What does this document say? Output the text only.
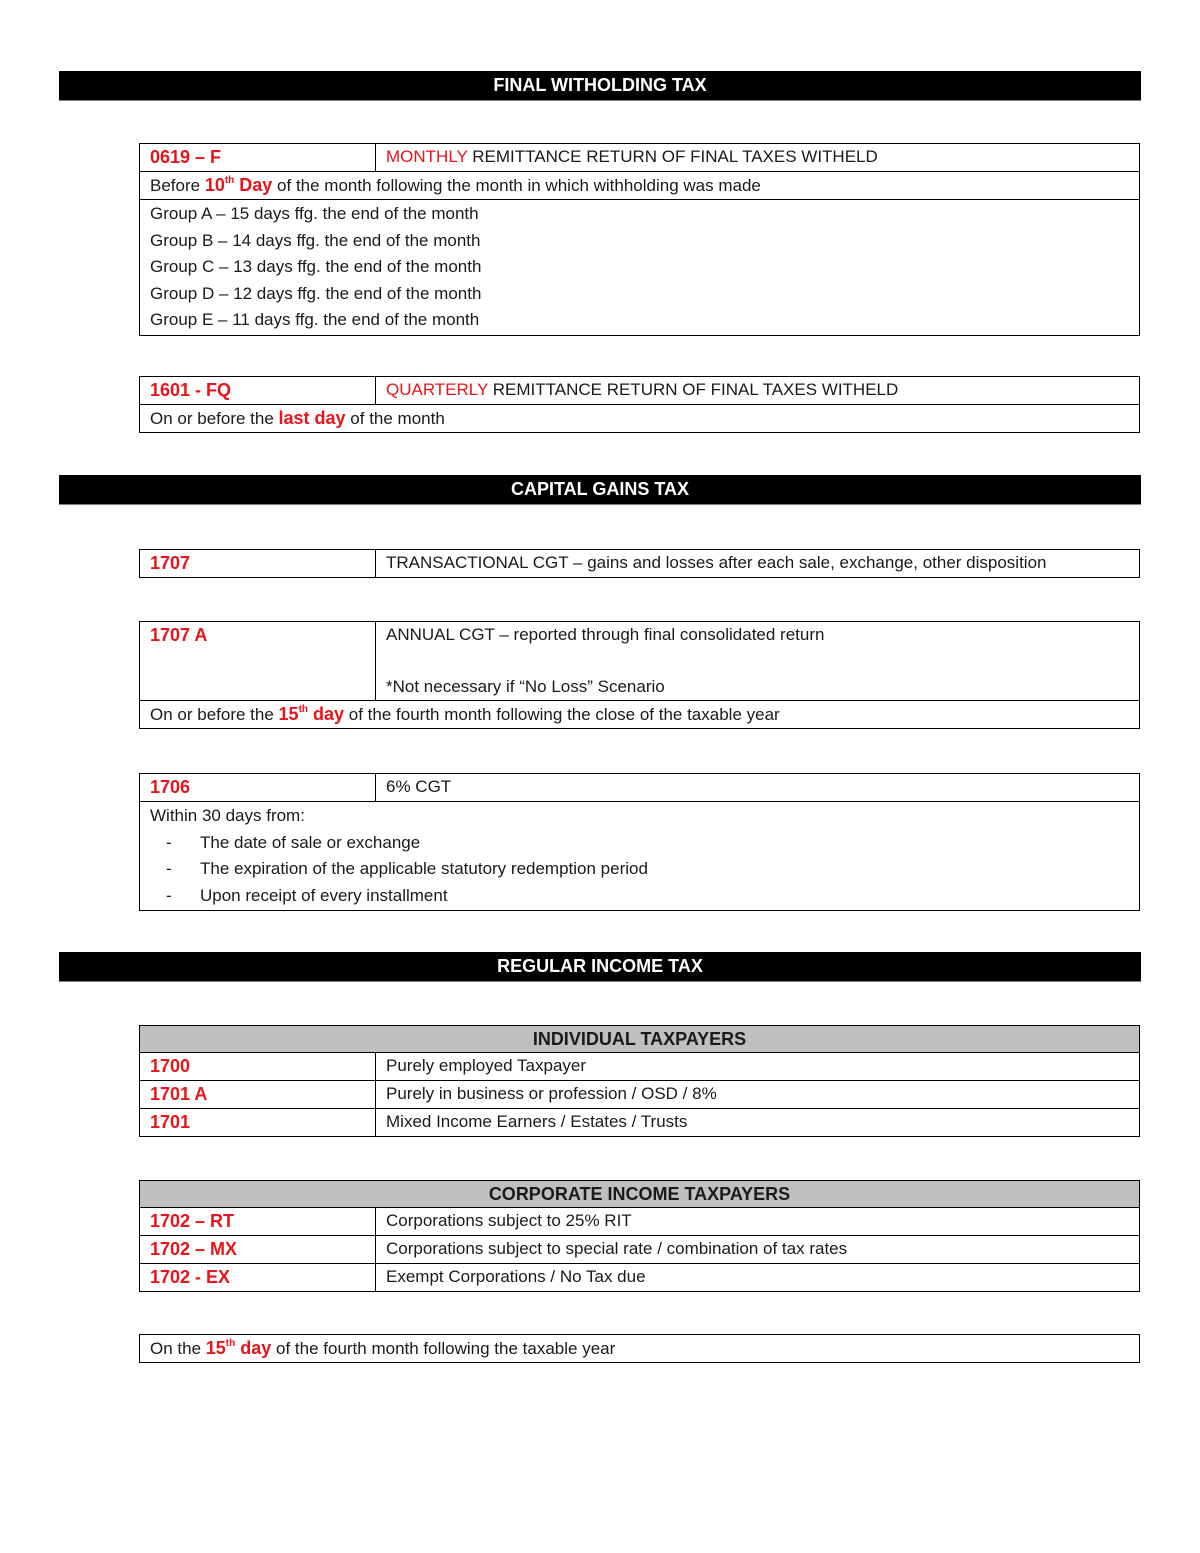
FINAL WITHOLDING TAX
0619 – F	MONTHLY REMITTANCE RETURN OF FINAL TAXES WITHELD
Before 10th Day of the month following the month in which withholding was made

Group A – 15 days ffg. the end of the month
Group B – 14 days ffg. the end of the month
Group C – 13 days ffg. the end of the month
Group D – 12 days ffg. the end of the month
Group E – 11 days ffg. the end of the month
1601 - FQ	QUARTERLY REMITTANCE RETURN OF FINAL TAXES WITHELD
On or before the last day of the month
CAPITAL GAINS TAX
1707	TRANSACTIONAL CGT – gains and losses after each sale, exchange, other disposition
1707 A	ANNUAL CGT – reported through final consolidated return
*Not necessary if “No Loss” Scenario

On or before the 15th day of the fourth month following the close of the taxable year
1706	6% CGT

Within 30 days from:
- The date of sale or exchange
- The expiration of the applicable statutory redemption period
- Upon receipt of every installment
REGULAR INCOME TAX
INDIVIDUAL TAXPAYERS	
1700	Purely employed Taxpayer
1701 A	Purely in business or profession / OSD / 8%
1701	Mixed Income Earners / Estates / Trusts
CORPORATE INCOME TAXPAYERS	
1702 – RT	Corporations subject to 25% RIT
1702 – MX	Corporations subject to special rate / combination of tax rates
1702 - EX	Exempt Corporations / No Tax due
On the 15th day of the fourth month following the taxable year
